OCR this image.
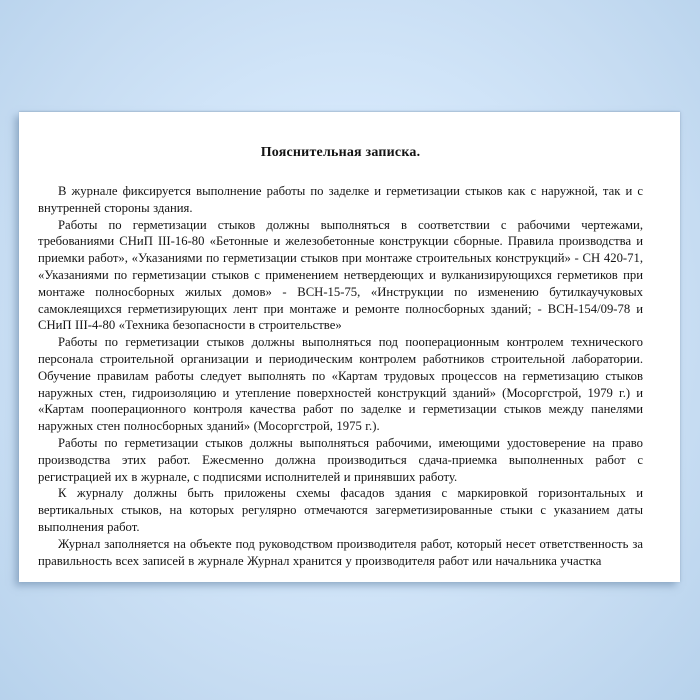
Пояснительная записка.

В журнале фиксируется выполнение работы по заделке и герметизации стыков как с наружной, так и с внутренней стороны здания.

Работы по герметизации стыков должны выполняться в соответствии с рабочими чертежами, требованиями СНиП III-16-80 «Бетонные и железобетонные конструкции сборные. Правила производства и приемки работ», «Указаниями по герметизации стыков при монтаже строительных конструкций» - СН 420-71, «Указаниями по герметизации стыков с применением нетвердеющих и вулканизирующихся герметиков при монтаже полносборных жилых домов» - ВСН-15-75, «Инструкции по изменению бутилкаучуковых самоклеящихся герметизирующих лент при монтаже и ремонте полносборных зданий; - ВСН-154/09-78 и СНиП III-4-80 «Техника безопасности в строительстве»

Работы по герметизации стыков должны выполняться под пооперационным контролем технического персонала строительной организации и периодическим контролем работников строительной лаборатории. Обучение правилам работы следует выполнять по «Картам трудовых процессов на герметизацию стыков наружных стен, гидроизоляцию и утепление поверхностей конструкций зданий» (Мосоргстрой, 1979 г.) и «Картам пооперационного контроля качества работ по заделке и герметизации стыков между панелями наружных стен полносборных зданий» (Мосоргстрой, 1975 г.).

Работы по герметизации стыков должны выполняться рабочими, имеющими удостоверение на право производства этих работ. Ежесменно должна производиться сдача-приемка выполненных работ с регистрацией их в журнале, с подписями исполнителей и принявших работу.

К журналу должны быть приложены схемы фасадов здания с маркировкой горизонтальных и вертикальных стыков, на которых регулярно отмечаются загерметизированные стыки с указанием даты выполнения работ.

Журнал заполняется на объекте под руководством производителя работ, который несет ответственность за правильность всех записей в журнале Журнал хранится у производителя работ или начальника участка
